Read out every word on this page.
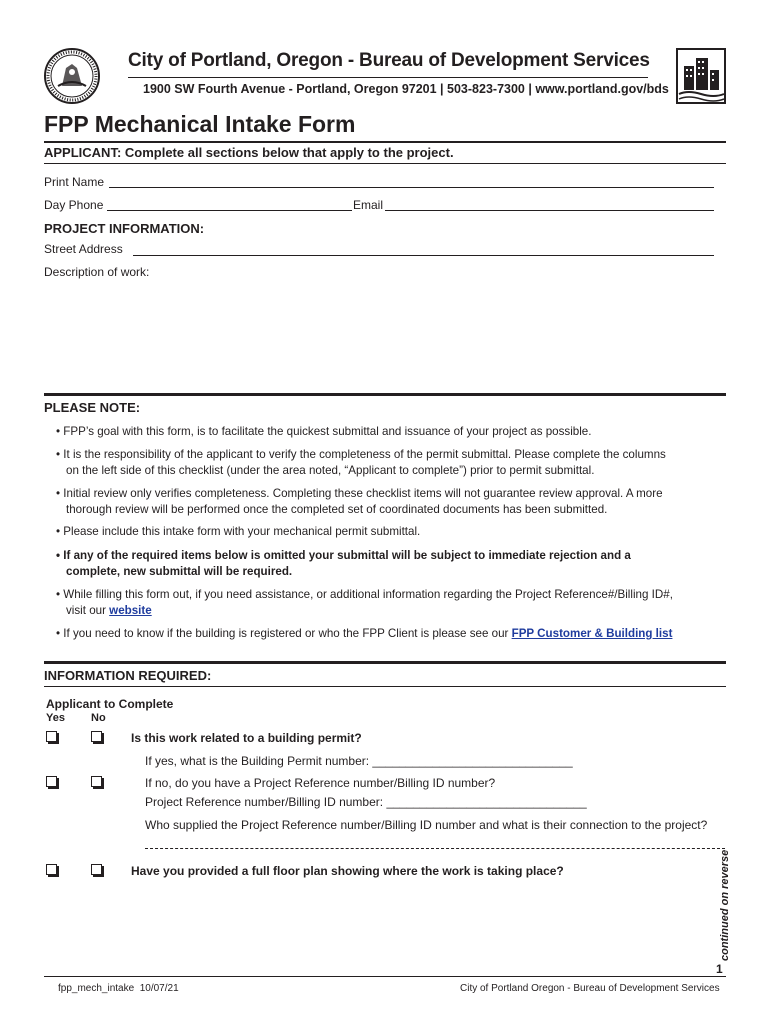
City of Portland, Oregon - Bureau of Development Services
1900 SW Fourth Avenue - Portland, Oregon 97201 | 503-823-7300 | www.portland.gov/bds
FPP Mechanical Intake Form
APPLICANT: Complete all sections below that apply to the project.
Print Name
Day Phone	Email
PROJECT INFORMATION:
Street Address
Description of work:
PLEASE NOTE:
• FPP’s goal with this form, is to facilitate the quickest submittal and issuance of your project as possible.
• It is the responsibility of the applicant to verify the completeness of the permit submittal. Please complete the columns
on the left side of this checklist (under the area noted, “Applicant to complete”) prior to permit submittal.
• Initial review only verifies completeness. Completing these checklist items will not guarantee review approval. A more
thorough review will be performed once the completed set of coordinated documents has been submitted.
• Please include this intake form with your mechanical permit submittal.
• If any of the required items below is omitted your submittal will be subject to immediate rejection and a
complete, new submittal will be required.
• While filling this form out, if you need assistance, or additional information regarding the Project Reference#/Billing ID#,
visit our website
• If you need to know if the building is registered or who the FPP Client is please see our FPP Customer & Building list
INFORMATION REQUIRED:
Applicant to Complete
Yes No
Is this work related to a building permit?
If yes, what is the Building Permit number: ______________________________
If no, do you have a Project Reference number/Billing ID number?
Project Reference number/Billing ID number: ______________________________
Who supplied the Project Reference number/Billing ID number and what is their connection to the project?
Have you provided a full floor plan showing where the work is taking place?	continued on reverse
1
fpp_mech_intake  10/07/21	City of Portland Oregon - Bureau of Development Services
